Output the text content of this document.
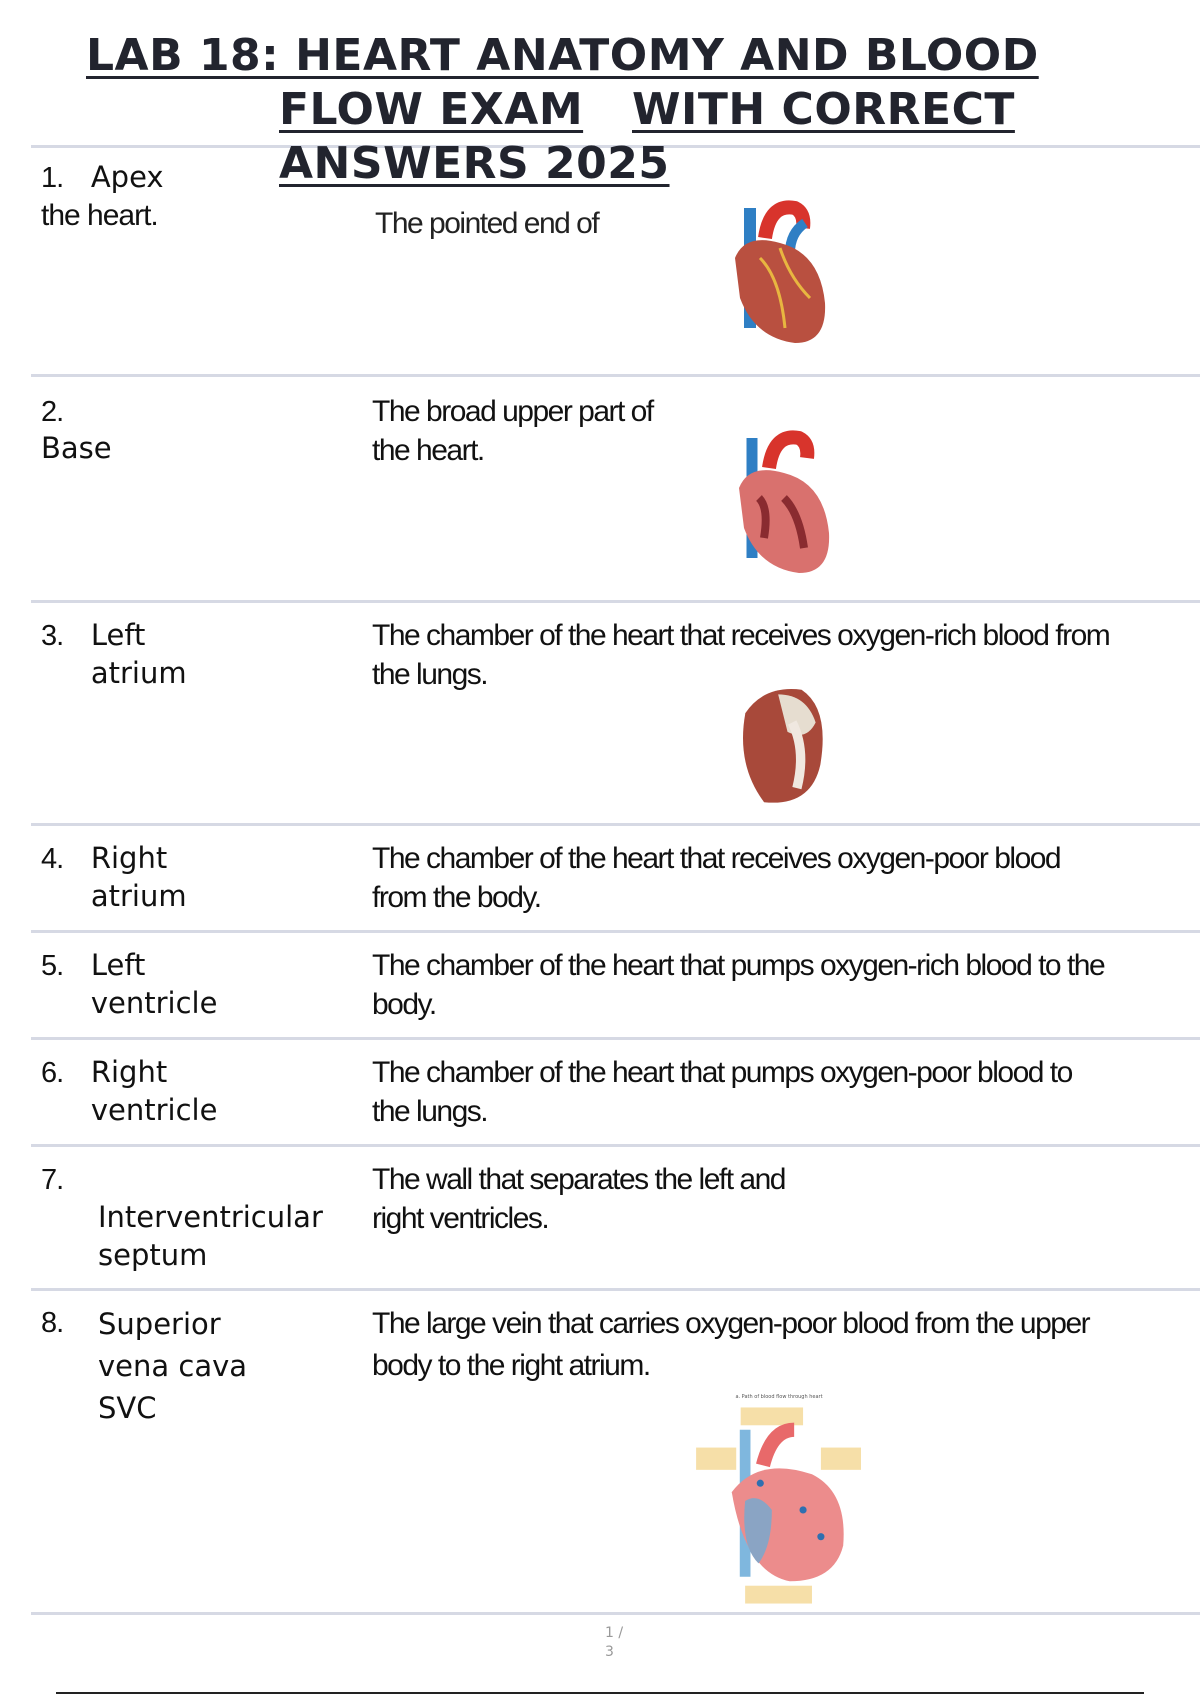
LAB 18: HEART ANATOMY AND BLOOD
FLOW EXAM WITH CORRECT
ANSWERS 2025
1. Apex
the heart.	The pointed end of
2.
Base
The broad upper part of the heart.
3. Left atrium
The chamber of the heart that receives oxygen-rich blood from the lungs.
4. Right atrium
The chamber of the heart that receives oxygen-poor blood from the body.
5. Left ventricle
The chamber of the heart that pumps oxygen-rich blood to the body.
6. Right ventricle
The chamber of the heart that pumps oxygen-poor blood to the lungs.
7.
Interventricular septum
The wall that separates the left and right ventricles.
8. Superior vena cava SVC
The large vein that carries oxygen-poor blood from the upper body to the right atrium.
a. Path of blood flow through heart
1 /
3
